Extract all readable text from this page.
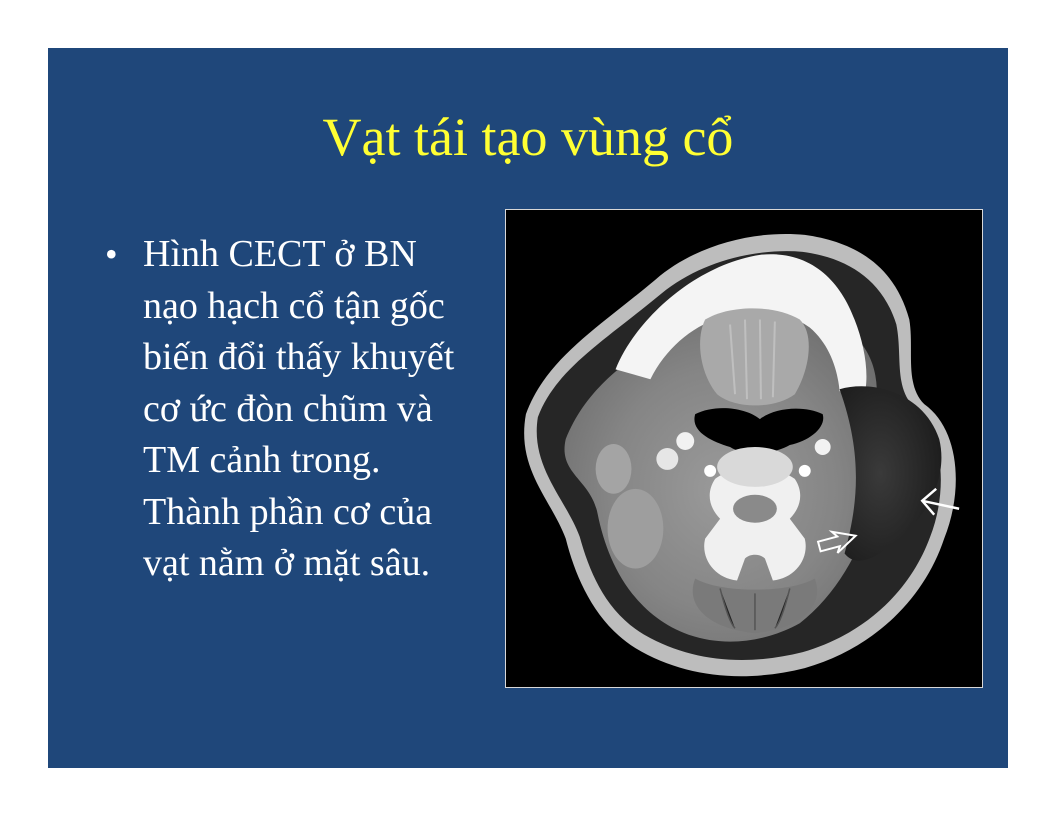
Vạt tái tạo vùng cổ
• Hình CECT ở BN nạo hạch cổ tận gốc biến đổi thấy khuyết cơ ức đòn chũm và TM cảnh trong. Thành phần cơ của vạt nằm ở mặt sâu.
